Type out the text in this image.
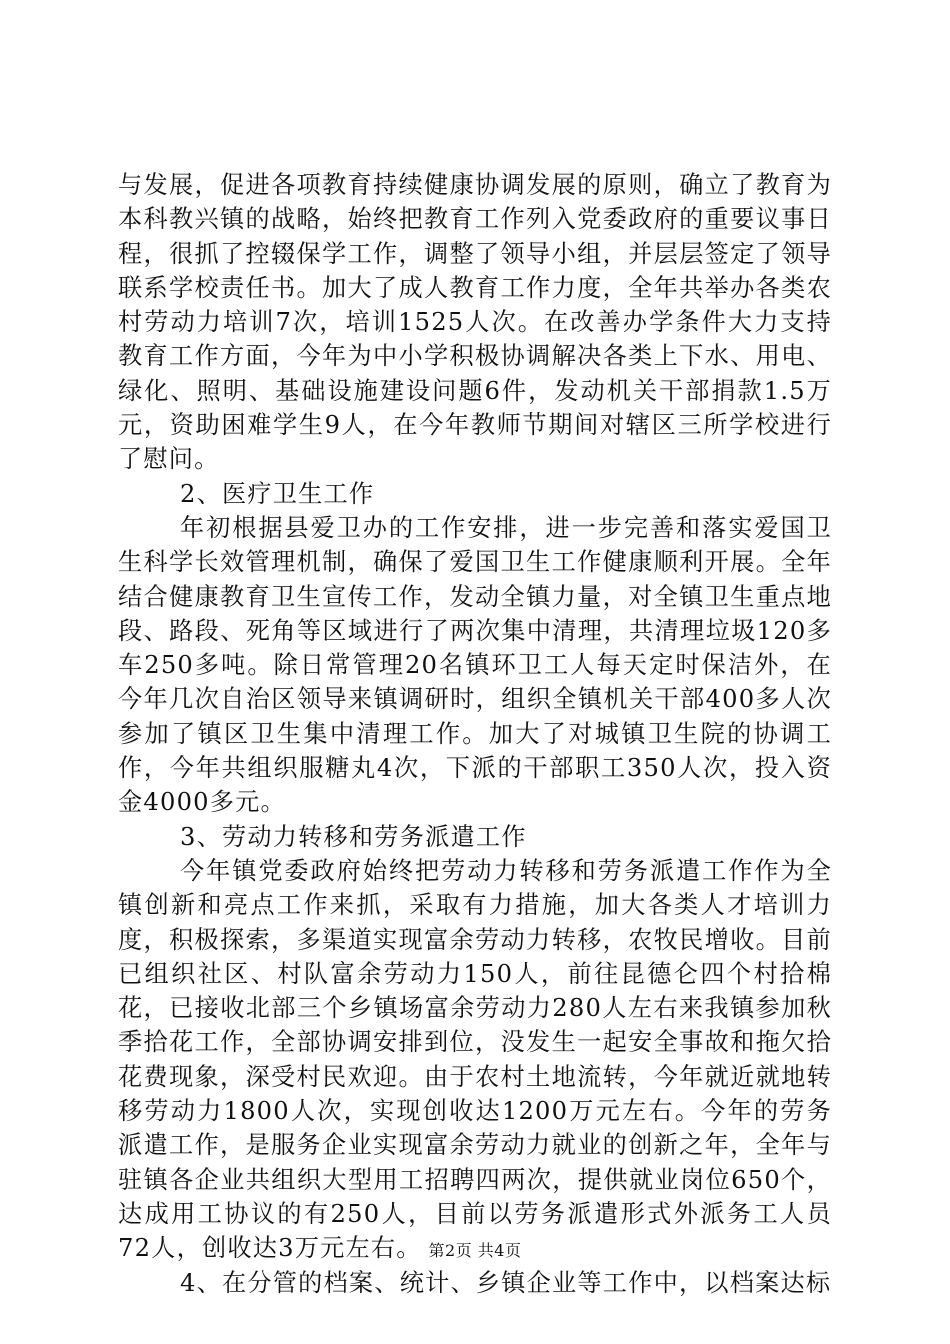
与发展，促进各项教育持续健康协调发展的原则，确立了教育为本科教兴镇的战略，始终把教育工作列入党委政府的重要议事日程，很抓了控辍保学工作，调整了领导小组，并层层签定了领导联系学校责任书。加大了成人教育工作力度，全年共举办各类农村劳动力培训7次，培训1525人次。在改善办学条件大力支持教育工作方面，今年为中小学积极协调解决各类上下水、用电、绿化、照明、基础设施建设问题6件，发动机关干部捐款1.5万元，资助困难学生9人，在今年教师节期间对辖区三所学校进行了慰问。

2、医疗卫生工作

年初根据县爱卫办的工作安排，进一步完善和落实爱国卫生科学长效管理机制，确保了爱国卫生工作健康顺利开展。全年结合健康教育卫生宣传工作，发动全镇力量，对全镇卫生重点地段、路段、死角等区域进行了两次集中清理，共清理垃圾120多车250多吨。除日常管理20名镇环卫工人每天定时保洁外，在今年几次自治区领导来镇调研时，组织全镇机关干部400多人次参加了镇区卫生集中清理工作。加大了对城镇卫生院的协调工作，今年共组织服糖丸4次，下派的干部职工350人次，投入资金4000多元。

3、劳动力转移和劳务派遣工作

今年镇党委政府始终把劳动力转移和劳务派遣工作作为全镇创新和亮点工作来抓，采取有力措施，加大各类人才培训力度，积极探索，多渠道实现富余劳动力转移，农牧民增收。目前已组织社区、村队富余劳动力150人，前往昆德仑四个村拾棉花，已接收北部三个乡镇场富余劳动力280人左右来我镇参加秋季拾花工作，全部协调安排到位，没发生一起安全事故和拖欠拾花费现象，深受村民欢迎。由于农村土地流转，今年就近就地转移劳动力1800人次，实现创收达1200万元左右。今年的劳务派遣工作，是服务企业实现富余劳动力就业的创新之年，全年与驻镇各企业共组织大型用工招聘四两次，提供就业岗位650个，达成用工协议的有250人，目前以劳务派遣形式外派务工人员72人，创收达3万元左右。

4、在分管的档案、统计、乡镇企业等工作中，以档案达标

第2页 共4页
